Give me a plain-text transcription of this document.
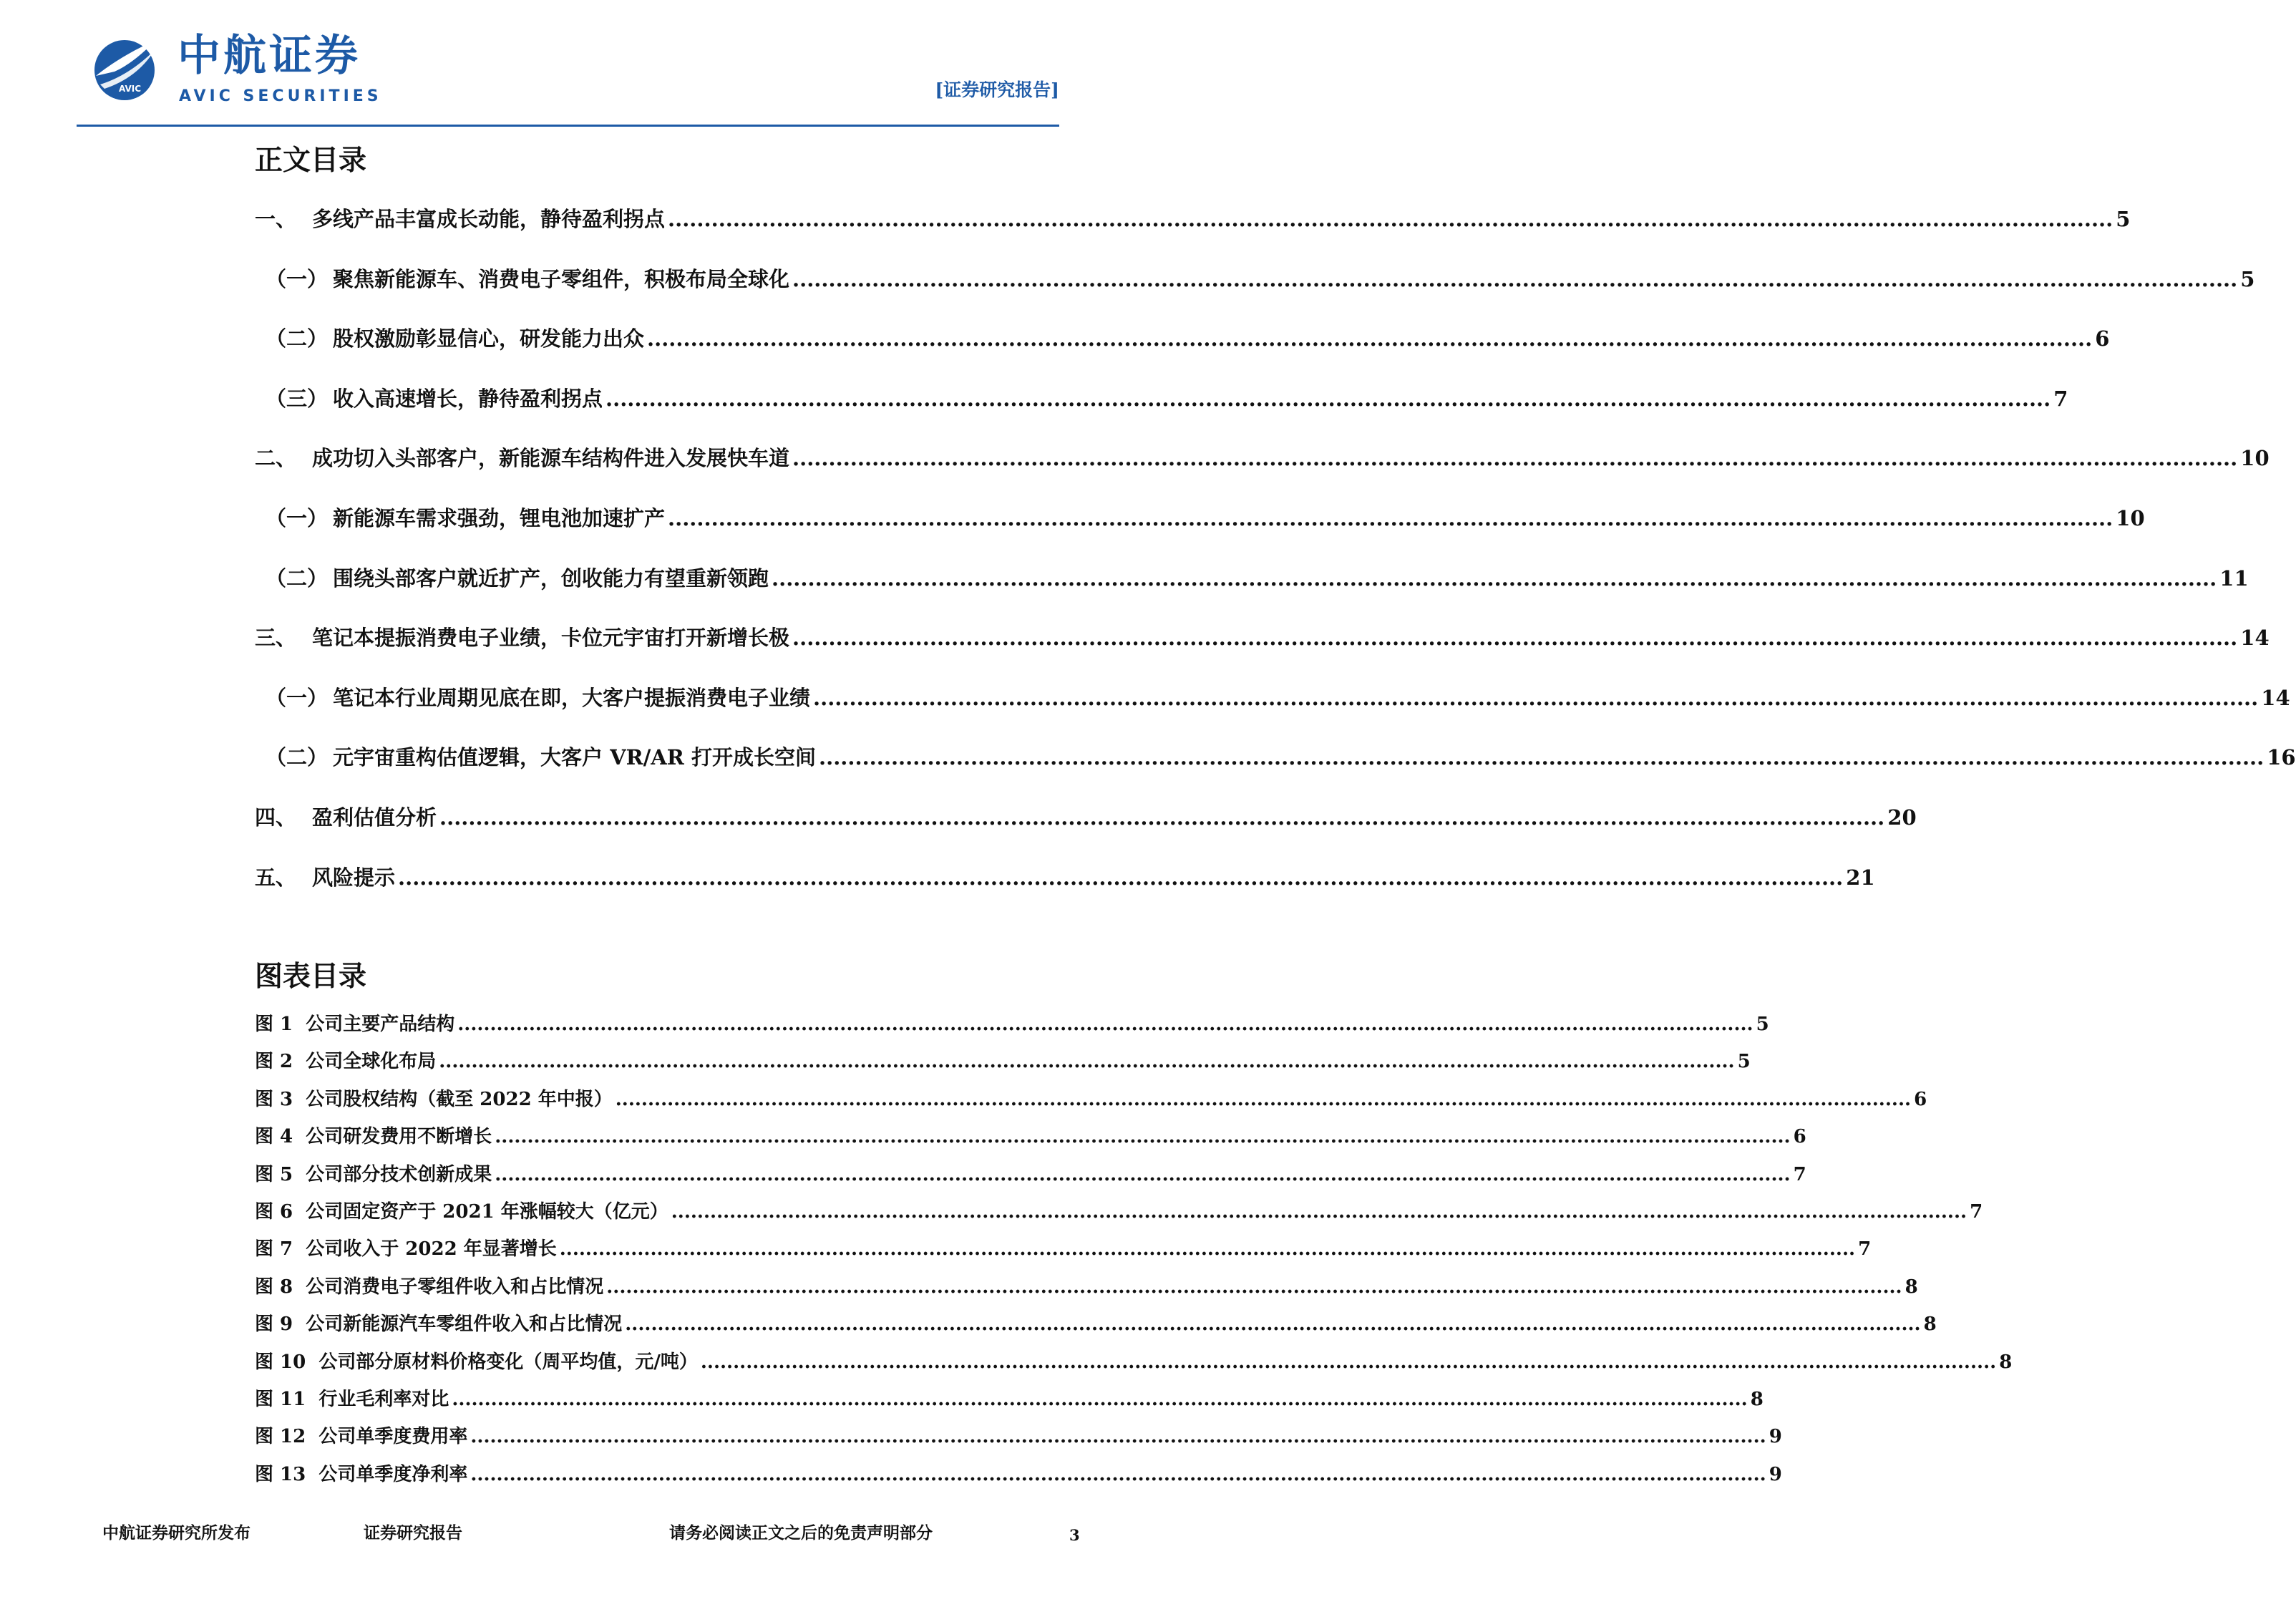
AVIC
中航证券
AVIC SECURITIES	[证券研究报告]
正文目录
一、 多线产品丰富成长动能，静待盈利拐点 ........................................................................................................................................................................................................ 5
（一） 聚焦新能源车、消费电子零组件，积极布局全球化 ........................................................................................................................................................................................................ 5
（二） 股权激励彰显信心，研发能力出众 ........................................................................................................................................................................................................ 6
（三） 收入高速增长，静待盈利拐点 ........................................................................................................................................................................................................ 7
二、 成功切入头部客户，新能源车结构件进入发展快车道 ........................................................................................................................................................................................................ 10
（一） 新能源车需求强劲，锂电池加速扩产 ........................................................................................................................................................................................................ 10
（二） 围绕头部客户就近扩产，创收能力有望重新领跑 ........................................................................................................................................................................................................ 11
三、 笔记本提振消费电子业绩，卡位元宇宙打开新增长极 ........................................................................................................................................................................................................ 14
（一） 笔记本行业周期见底在即，大客户提振消费电子业绩 ........................................................................................................................................................................................................ 14
（二） 元宇宙重构估值逻辑，大客户 VR/AR 打开成长空间 ........................................................................................................................................................................................................ 16
四、 盈利估值分析 ........................................................................................................................................................................................................ 20
五、 风险提示 ........................................................................................................................................................................................................ 21
图表目录
图 1  公司主要产品结构 ........................................................................................................................................................................................................ 5
图 2  公司全球化布局 ........................................................................................................................................................................................................ 5
图 3  公司股权结构（截至 2022 年中报） ........................................................................................................................................................................................................ 6
图 4  公司研发费用不断增长 ........................................................................................................................................................................................................ 6
图 5  公司部分技术创新成果 ........................................................................................................................................................................................................ 7
图 6  公司固定资产于 2021 年涨幅较大（亿元） ........................................................................................................................................................................................................ 7
图 7  公司收入于 2022 年显著增长 ........................................................................................................................................................................................................ 7
图 8  公司消费电子零组件收入和占比情况 ........................................................................................................................................................................................................ 8
图 9  公司新能源汽车零组件收入和占比情况 ........................................................................................................................................................................................................ 8
图 10  公司部分原材料价格变化（周平均值，元/吨） ........................................................................................................................................................................................................ 8
图 11  行业毛利率对比 ........................................................................................................................................................................................................ 8
图 12  公司单季度费用率 ........................................................................................................................................................................................................ 9
图 13  公司单季度净利率 ........................................................................................................................................................................................................ 9
中航证券研究所发布	证券研究报告	请务必阅读正文之后的免责声明部分	3
